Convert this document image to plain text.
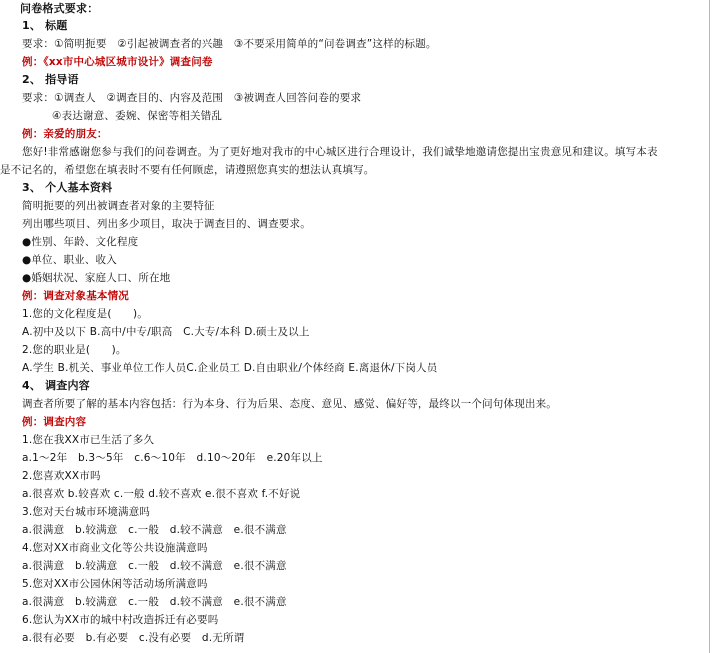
问卷格式要求：
1、 标题
要求：①简明扼要　②引起被调查者的兴趣　③不要采用简单的“问卷调查”这样的标题。
例：《xx市中心城区城市设计》调查问卷
2、 指导语
要求：①调查人　②调查目的、内容及范围　③被调查人回答问卷的要求
④表达谢意、委婉、保密等相关错乱
例：亲爱的朋友：
您好!非常感谢您参与我们的问卷调查。为了更好地对我市的中心城区进行合理设计，我们诚挚地邀请您提出宝贵意见和建议。填写本表
是不记名的，希望您在填表时不要有任何顾虑，请遵照您真实的想法认真填写。
3、 个人基本资料
简明扼要的列出被调查者对象的主要特征
列出哪些项目、列出多少项目，取决于调查目的、调查要求。
●性别、年龄、文化程度
●单位、职业、收入
●婚姻状况、家庭人口、所在地
例：调查对象基本情况
1.您的文化程度是(　　)。
A.初中及以下 B.高中/中专/职高　C.大专/本科 D.硕士及以上
2.您的职业是(　　)。
A.学生 B.机关、事业单位工作人员C.企业员工 D.自由职业/个体经商 E.离退休/下岗人员
4、 调查内容
调查者所要了解的基本内容包括：行为本身、行为后果、态度、意见、感觉、偏好等，最终以一个问句体现出来。
例：调查内容
1.您在我XX市已生活了多久
a.1～2年　b.3～5年　c.6～10年　d.10～20年　e.20年以上
2.您喜欢XX市吗
a.很喜欢 b.较喜欢 c.一般 d.较不喜欢 e.很不喜欢 f.不好说
3.您对天台城市环境满意吗
a.很满意　b.较满意　c.一般　d.较不满意　e.很不满意
4.您对XX市商业文化等公共设施满意吗
a.很满意　b.较满意　c.一般　d.较不满意　e.很不满意
5.您对XX市公园休闲等活动场所满意吗
a.很满意　b.较满意　c.一般　d.较不满意　e.很不满意
6.您认为XX市的城中村改造拆迁有必要吗
a.很有必要　b.有必要　c.没有必要　d.无所谓
